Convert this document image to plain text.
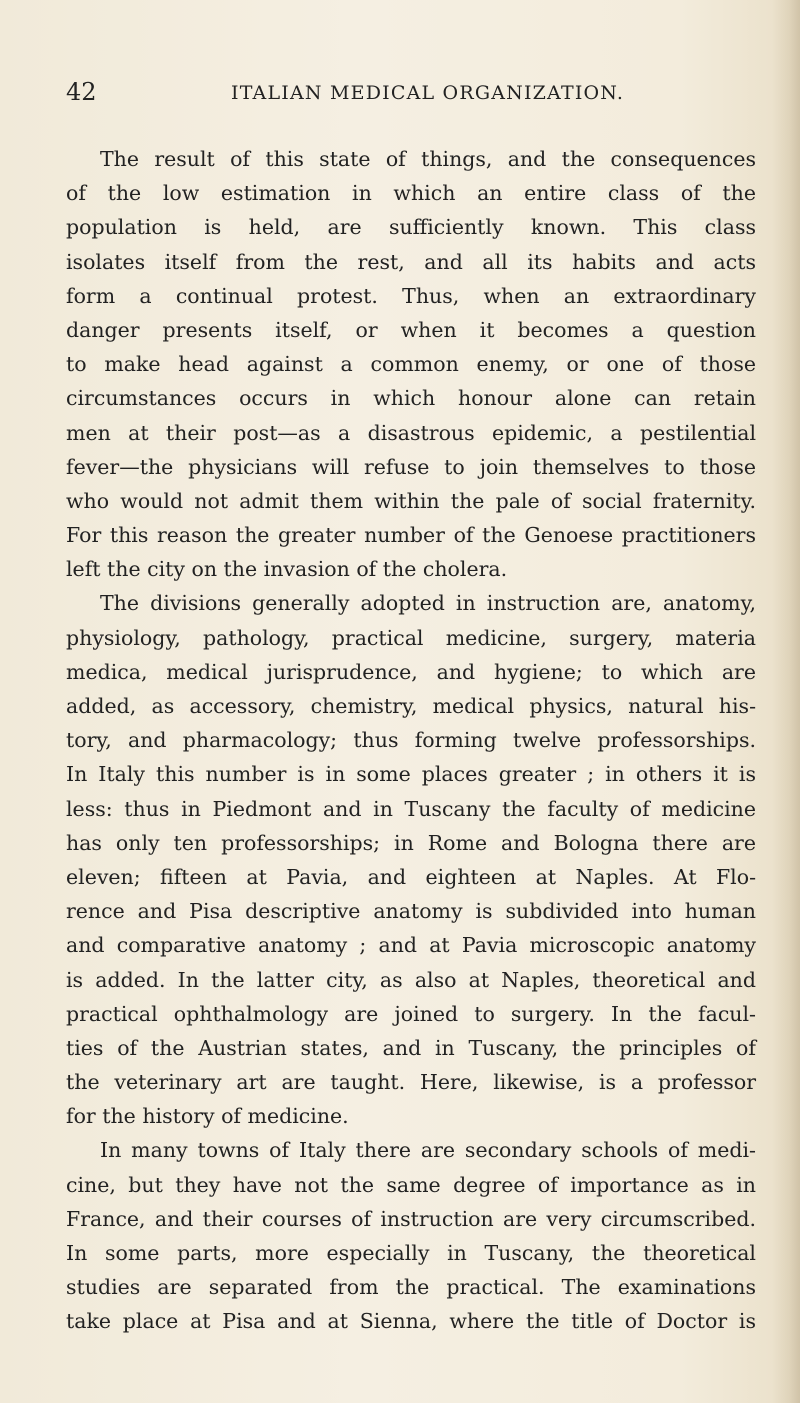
42	ITALIAN MEDICAL ORGANIZATION.
The result of this state of things, and the consequences
of the low estimation in which an entire class of the
population is held, are sufficiently known. This class
isolates itself from the rest, and all its habits and acts
form a continual protest. Thus, when an extraordinary
danger presents itself, or when it becomes a question
to make head against a common enemy, or one of those
circumstances occurs in which honour alone can retain
men at their post—as a disastrous epidemic, a pestilential
fever—the physicians will refuse to join themselves to those
who would not admit them within the pale of social fraternity.
For this reason the greater number of the Genoese practitioners
left the city on the invasion of the cholera.
The divisions generally adopted in instruction are, anatomy,
physiology, pathology, practical medicine, surgery, materia
medica, medical jurisprudence, and hygiene; to which are
added, as accessory, chemistry, medical physics, natural his-
tory, and pharmacology; thus forming twelve professorships.
In Italy this number is in some places greater ; in others it is
less: thus in Piedmont and in Tuscany the faculty of medicine
has only ten professorships; in Rome and Bologna there are
eleven; fifteen at Pavia, and eighteen at Naples. At Flo-
rence and Pisa descriptive anatomy is subdivided into human
and comparative anatomy ; and at Pavia microscopic anatomy
is added. In the latter city, as also at Naples, theoretical and
practical ophthalmology are joined to surgery. In the facul-
ties of the Austrian states, and in Tuscany, the principles of
the veterinary art are taught. Here, likewise, is a professor
for the history of medicine.
In many towns of Italy there are secondary schools of medi-
cine, but they have not the same degree of importance as in
France, and their courses of instruction are very circumscribed.
In some parts, more especially in Tuscany, the theoretical
studies are separated from the practical. The examinations
take place at Pisa and at Sienna, where the title of Doctor is
